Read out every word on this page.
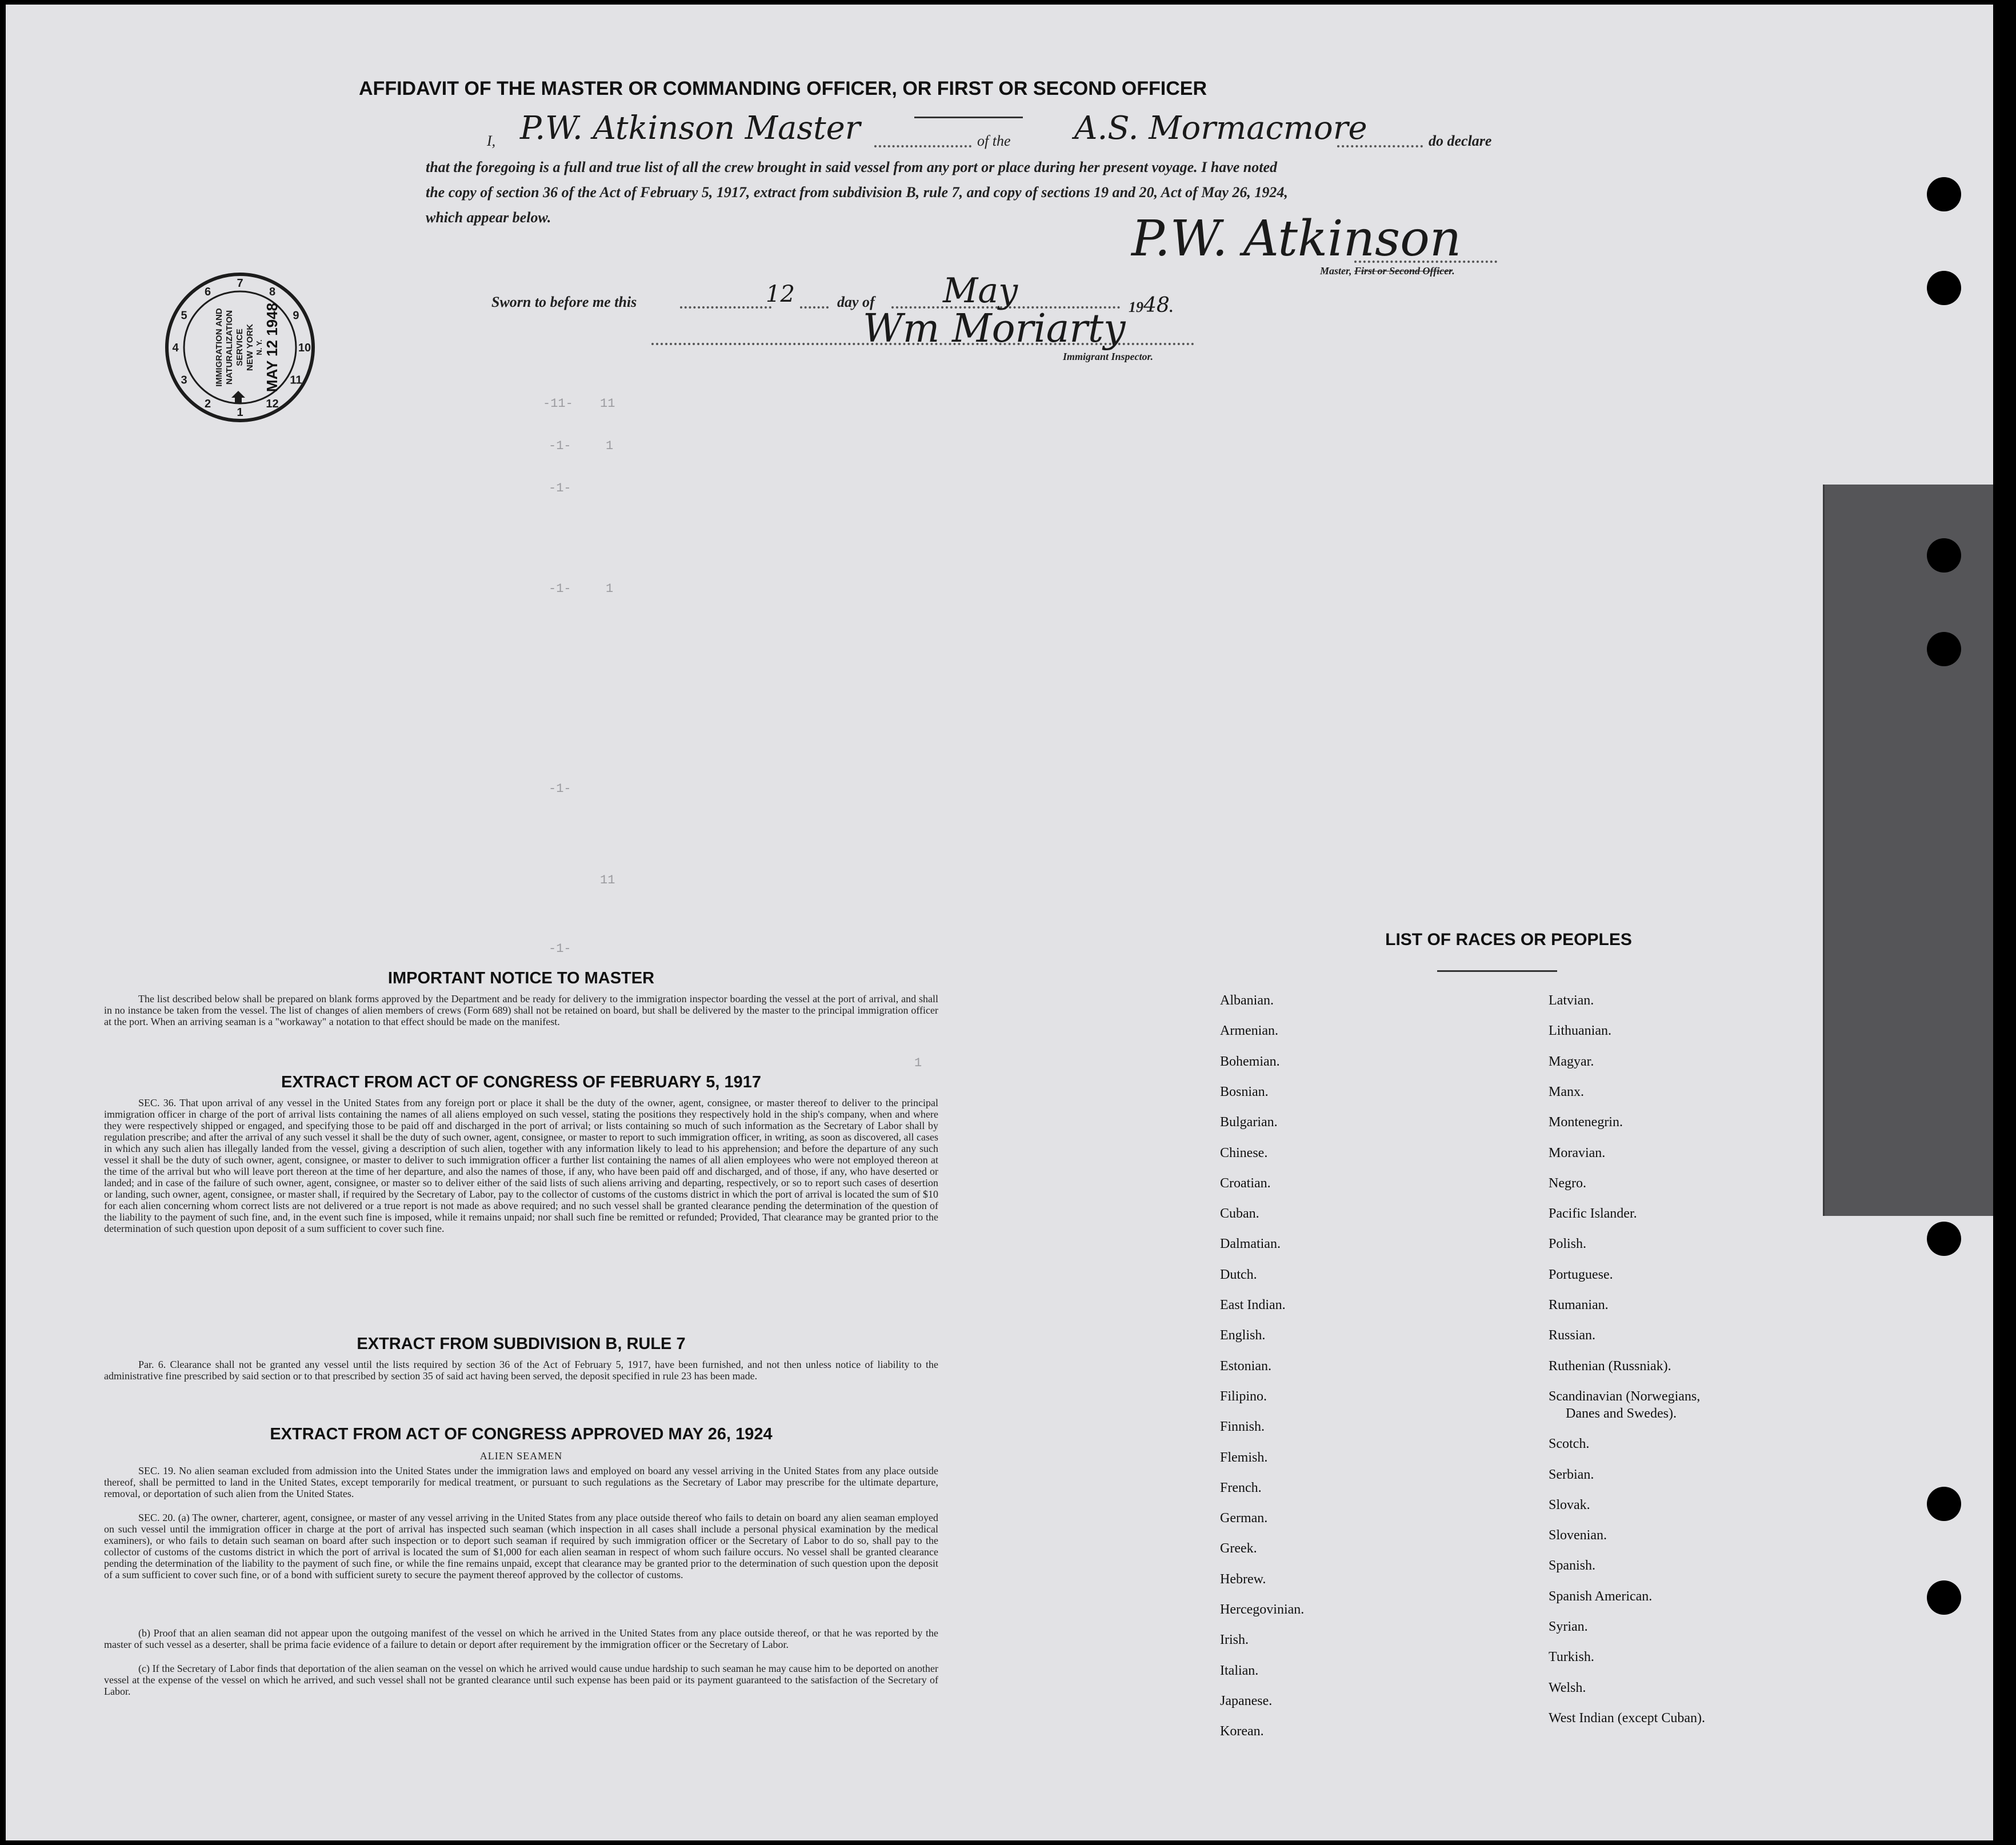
AFFIDAVIT OF THE MASTER OR COMMANDING OFFICER, OR FIRST OR SECOND OFFICER
I, P.W. Atkinson Master	of the A.S. Mormacmore	do declare
that the foregoing is a full and true list of all the crew brought in said vessel from any port or place during her present voyage. I have noted
the copy of section 36 of the Act of February 5, 1917, extract from subdivision B, rule 7, and copy of sections 19 and 20, Act of May 26, 1924,
which appear below.	P.W. Atkinson
Master, First or Second Officer.
Sworn to before me this	12	day of May	1948.
Wm Moriarty
Immigrant Inspector.
-11- 11
-1-	1
-1-
-1-	1
-1-
11
-1-
1
1
2
3
4
5
6
7
8
9
10
11
12
IMMIGRATION AND NATURALIZATION SERVICE NEW YORK N. Y. MAY 12 1948
IMPORTANT NOTICE TO MASTER
The list described below shall be prepared on blank forms approved by the Department and be ready for delivery to the immigration inspector boarding the vessel at the port of arrival, and shall in no instance be taken from the vessel. The list of changes of alien members of crews (Form 689) shall not be retained on board, but shall be delivered by the master to the principal immigration officer at the port. When an arriving seaman is a "workaway" a notation to that effect should be made on the manifest.
EXTRACT FROM ACT OF CONGRESS OF FEBRUARY 5, 1917
SEC. 36. That upon arrival of any vessel in the United States from any foreign port or place it shall be the duty of the owner, agent, consignee, or master thereof to deliver to the principal immigration officer in charge of the port of arrival lists containing the names of all aliens employed on such vessel, stating the positions they respectively hold in the ship's company, when and where they were respectively shipped or engaged, and specifying those to be paid off and discharged in the port of arrival; or lists containing so much of such information as the Secretary of Labor shall by regulation prescribe; and after the arrival of any such vessel it shall be the duty of such owner, agent, consignee, or master to report to such immigration officer, in writing, as soon as discovered, all cases in which any such alien has illegally landed from the vessel, giving a description of such alien, together with any information likely to lead to his apprehension; and before the departure of any such vessel it shall be the duty of such owner, agent, consignee, or master to deliver to such immigration officer a further list containing the names of all alien employees who were not employed thereon at the time of the arrival but who will leave port thereon at the time of her departure, and also the names of those, if any, who have been paid off and discharged, and of those, if any, who have deserted or landed; and in case of the failure of such owner, agent, consignee, or master so to deliver either of the said lists of such aliens arriving and departing, respectively, or so to report such cases of desertion or landing, such owner, agent, consignee, or master shall, if required by the Secretary of Labor, pay to the collector of customs of the customs district in which the port of arrival is located the sum of $10 for each alien concerning whom correct lists are not delivered or a true report is not made as above required; and no such vessel shall be granted clearance pending the determination of the question of the liability to the payment of such fine, and, in the event such fine is imposed, while it remains unpaid; nor shall such fine be remitted or refunded; Provided, That clearance may be granted prior to the determination of such question upon deposit of a sum sufficient to cover such fine.
EXTRACT FROM SUBDIVISION B, RULE 7
Par. 6. Clearance shall not be granted any vessel until the lists required by section 36 of the Act of February 5, 1917, have been furnished, and not then unless notice of liability to the administrative fine prescribed by said section or to that prescribed by section 35 of said act having been served, the deposit specified in rule 23 has been made.
EXTRACT FROM ACT OF CONGRESS APPROVED MAY 26, 1924
ALIEN SEAMEN
SEC. 19. No alien seaman excluded from admission into the United States under the immigration laws and employed on board any vessel arriving in the United States from any place outside thereof, shall be permitted to land in the United States, except temporarily for medical treatment, or pursuant to such regulations as the Secretary of Labor may prescribe for the ultimate departure, removal, or deportation of such alien from the United States.
SEC. 20. (a) The owner, charterer, agent, consignee, or master of any vessel arriving in the United States from any place outside thereof who fails to detain on board any alien seaman employed on such vessel until the immigration officer in charge at the port of arrival has inspected such seaman (which inspection in all cases shall include a personal physical examination by the medical examiners), or who fails to detain such seaman on board after such inspection or to deport such seaman if required by such immigration officer or the Secretary of Labor to do so, shall pay to the collector of customs of the customs district in which the port of arrival is located the sum of $1,000 for each alien seaman in respect of whom such failure occurs. No vessel shall be granted clearance pending the determination of the liability to the payment of such fine, or while the fine remains unpaid, except that clearance may be granted prior to the determination of such question upon the deposit of a sum sufficient to cover such fine, or of a bond with sufficient surety to secure the payment thereof approved by the collector of customs.
(b) Proof that an alien seaman did not appear upon the outgoing manifest of the vessel on which he arrived in the United States from any place outside thereof, or that he was reported by the master of such vessel as a deserter, shall be prima facie evidence of a failure to detain or deport after requirement by the immigration officer or the Secretary of Labor.
(c) If the Secretary of Labor finds that deportation of the alien seaman on the vessel on which he arrived would cause undue hardship to such seaman he may cause him to be deported on another vessel at the expense of the vessel on which he arrived, and such vessel shall not be granted clearance until such expense has been paid or its payment guaranteed to the satisfaction of the Secretary of Labor.
LIST OF RACES OR PEOPLES
Albanian.
Armenian.
Bohemian.
Bosnian.
Bulgarian.
Chinese.
Croatian.
Cuban.
Dalmatian.
Dutch.
East Indian.
English.
Estonian.
Filipino.
Finnish.
Flemish.
French.
German.
Greek.
Hebrew.
Hercegovinian.
Irish.
Italian.
Japanese.
Korean.
Latvian.
Lithuanian.
Magyar.
Manx.
Montenegrin.
Moravian.
Negro.
Pacific Islander.
Polish.
Portuguese.
Rumanian.
Russian.
Ruthenian (Russniak).
Scandinavian (Norwegians,
Danes and Swedes).
Scotch.
Serbian.
Slovak.
Slovenian.
Spanish.
Spanish American.
Syrian.
Turkish.
Welsh.
West Indian (except Cuban).
